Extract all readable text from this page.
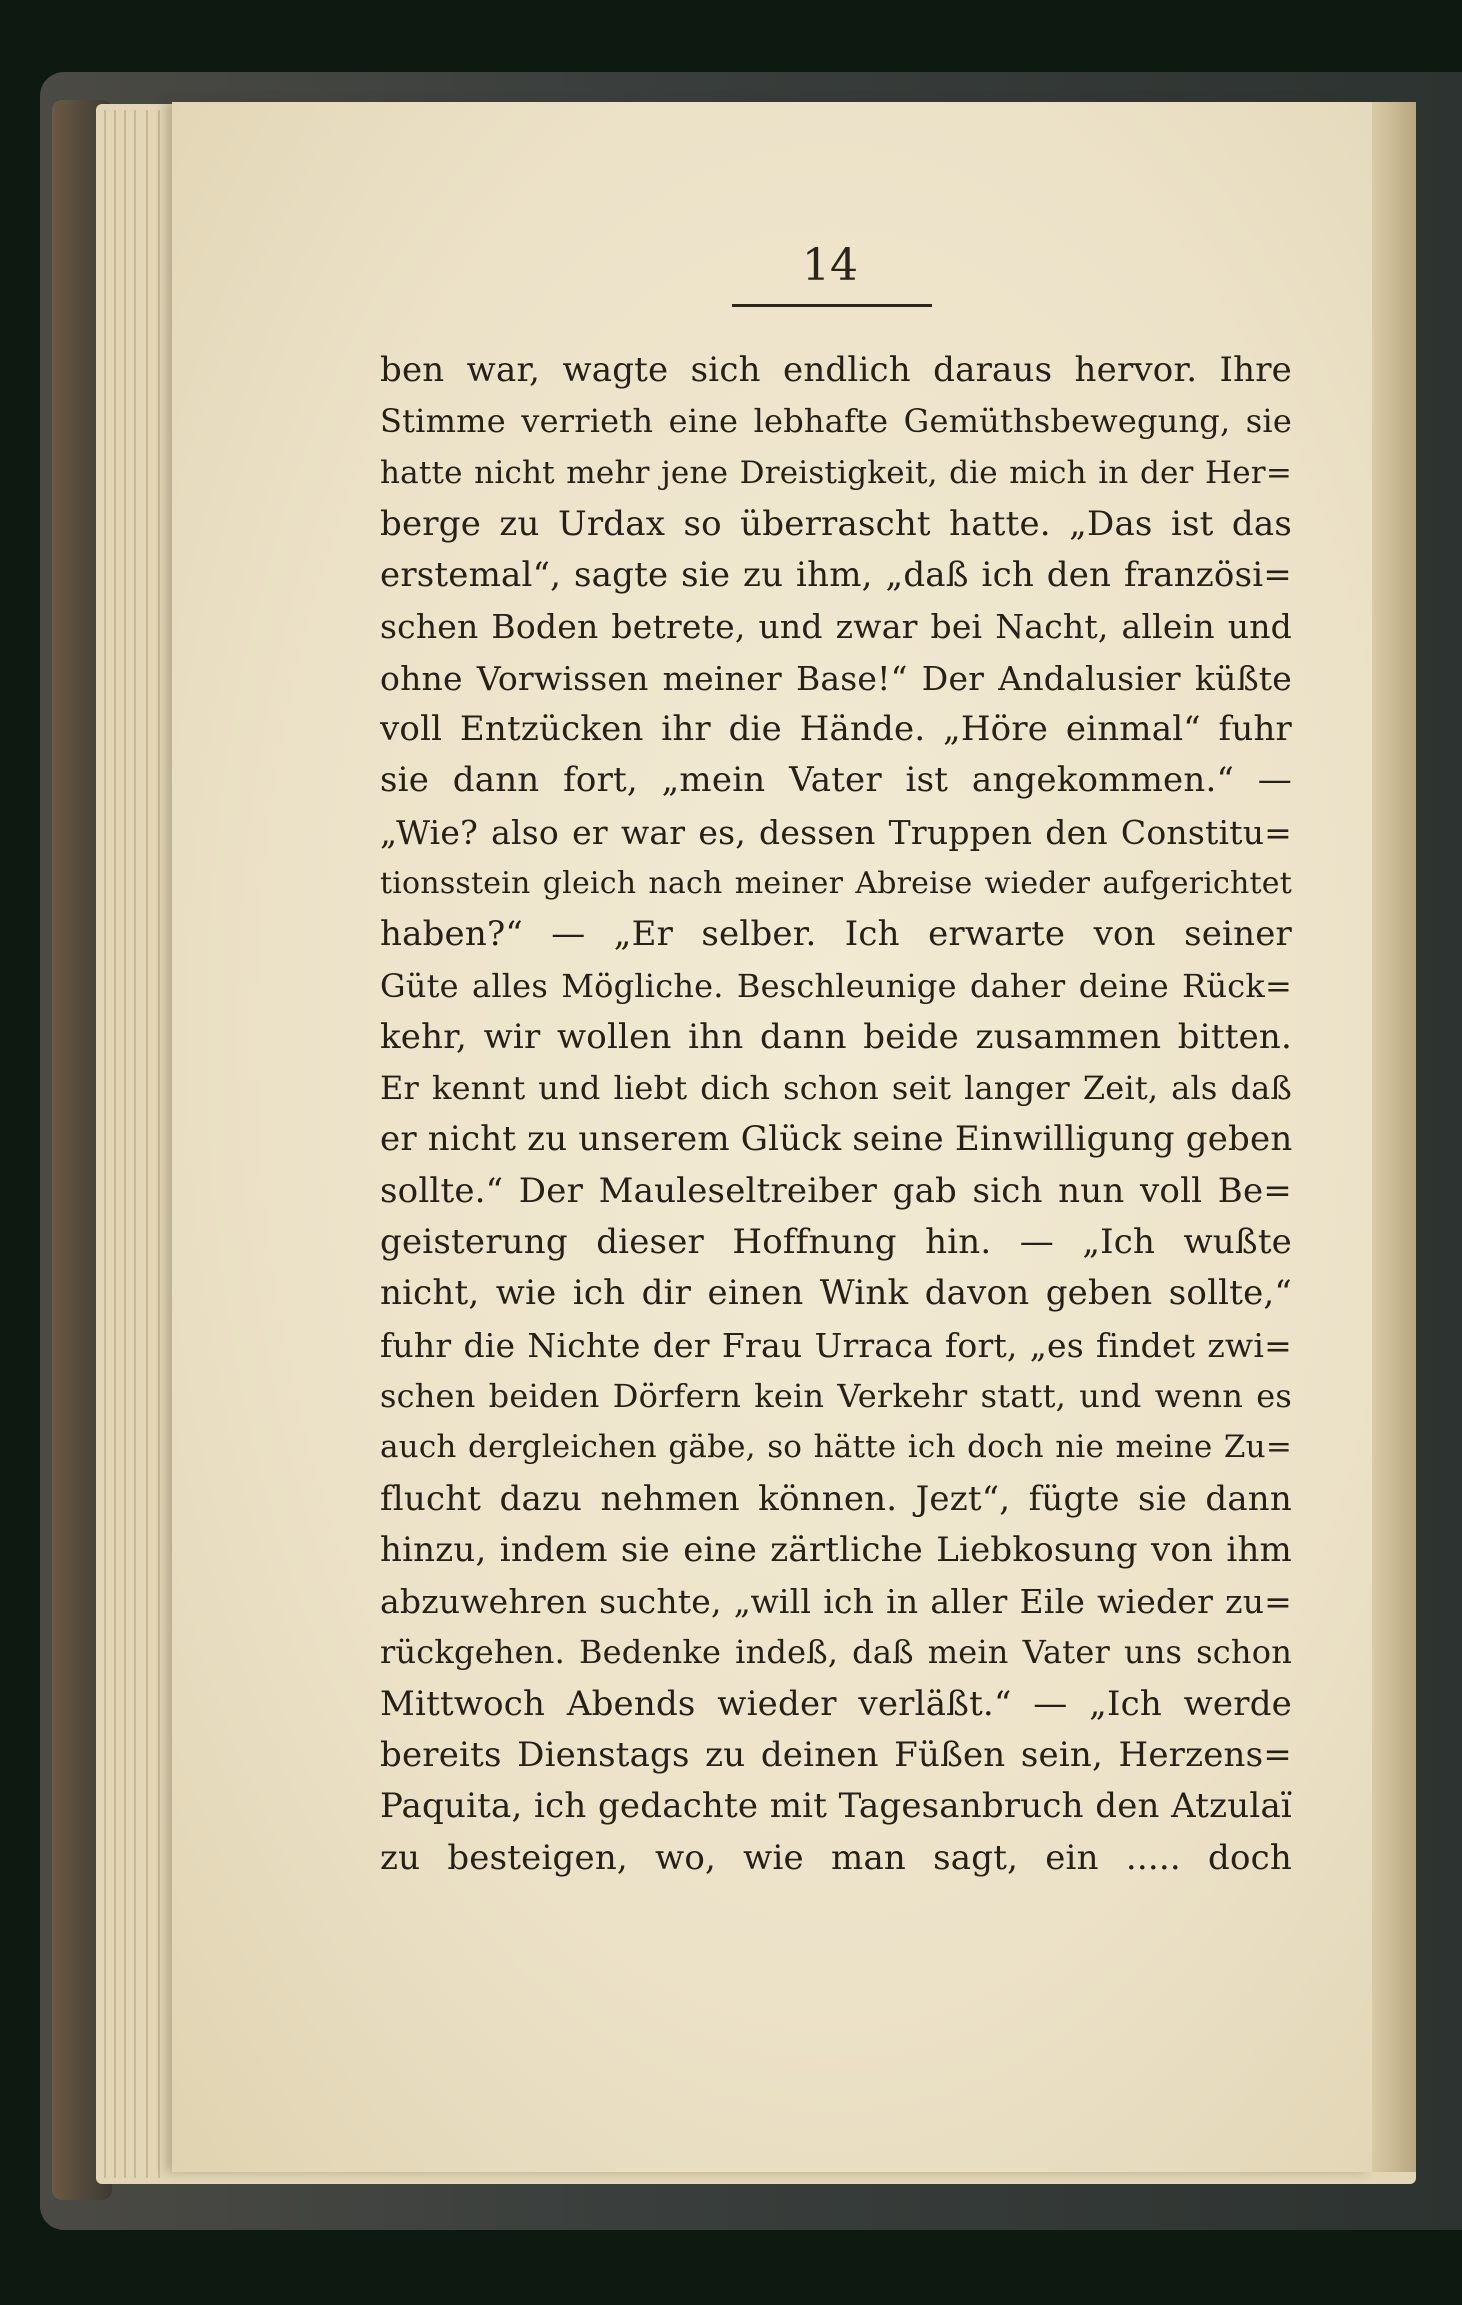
14
ben war, wagte sich endlich daraus hervor. Ihre
Stimme verrieth eine lebhafte Gemüthsbewegung, sie
hatte nicht mehr jene Dreistigkeit, die mich in der Her=
berge zu Urdax so überrascht hatte. „Das ist das
erstemal“, sagte sie zu ihm, „daß ich den französi=
schen Boden betrete, und zwar bei Nacht, allein und
ohne Vorwissen meiner Base!“ Der Andalusier küßte
voll Entzücken ihr die Hände. „Höre einmal“ fuhr
sie dann fort, „mein Vater ist angekommen.“ —
„Wie? also er war es, dessen Truppen den Constitu=
tionsstein gleich nach meiner Abreise wieder aufgerichtet
haben?“ — „Er selber. Ich erwarte von seiner
Güte alles Mögliche. Beschleunige daher deine Rück=
kehr, wir wollen ihn dann beide zusammen bitten.
Er kennt und liebt dich schon seit langer Zeit, als daß
er nicht zu unserem Glück seine Einwilligung geben
sollte.“ Der Mauleseltreiber gab sich nun voll Be=
geisterung dieser Hoffnung hin. — „Ich wußte
nicht, wie ich dir einen Wink davon geben sollte,“
fuhr die Nichte der Frau Urraca fort, „es findet zwi=
schen beiden Dörfern kein Verkehr statt, und wenn es
auch dergleichen gäbe, so hätte ich doch nie meine Zu=
flucht dazu nehmen können. Jezt“, fügte sie dann
hinzu, indem sie eine zärtliche Liebkosung von ihm
abzuwehren suchte, „will ich in aller Eile wieder zu=
rückgehen. Bedenke indeß, daß mein Vater uns schon
Mittwoch Abends wieder verläßt.“ — „Ich werde
bereits Dienstags zu deinen Füßen sein, Herzens=
Paquita, ich gedachte mit Tagesanbruch den Atzulaï
zu besteigen, wo, wie man sagt, ein ..... doch
